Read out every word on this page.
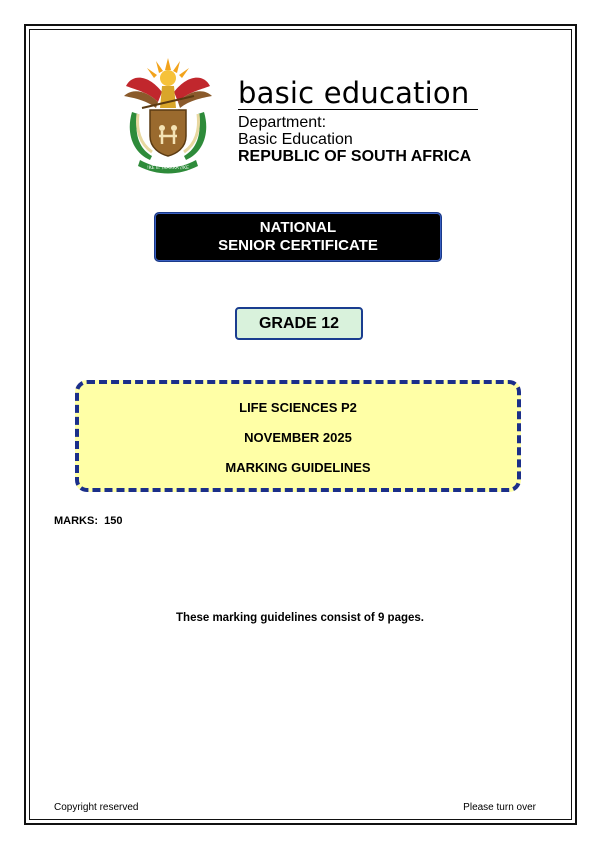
!KE E: /XARRA //KE
basic education
Department:
Basic Education
REPUBLIC OF SOUTH AFRICA
NATIONAL
SENIOR CERTIFICATE
GRADE 12
LIFE SCIENCES P2
NOVEMBER 2025
MARKING GUIDELINES
MARKS:  150
These marking guidelines consist of 9 pages.
Copyright reserved	Please turn over
